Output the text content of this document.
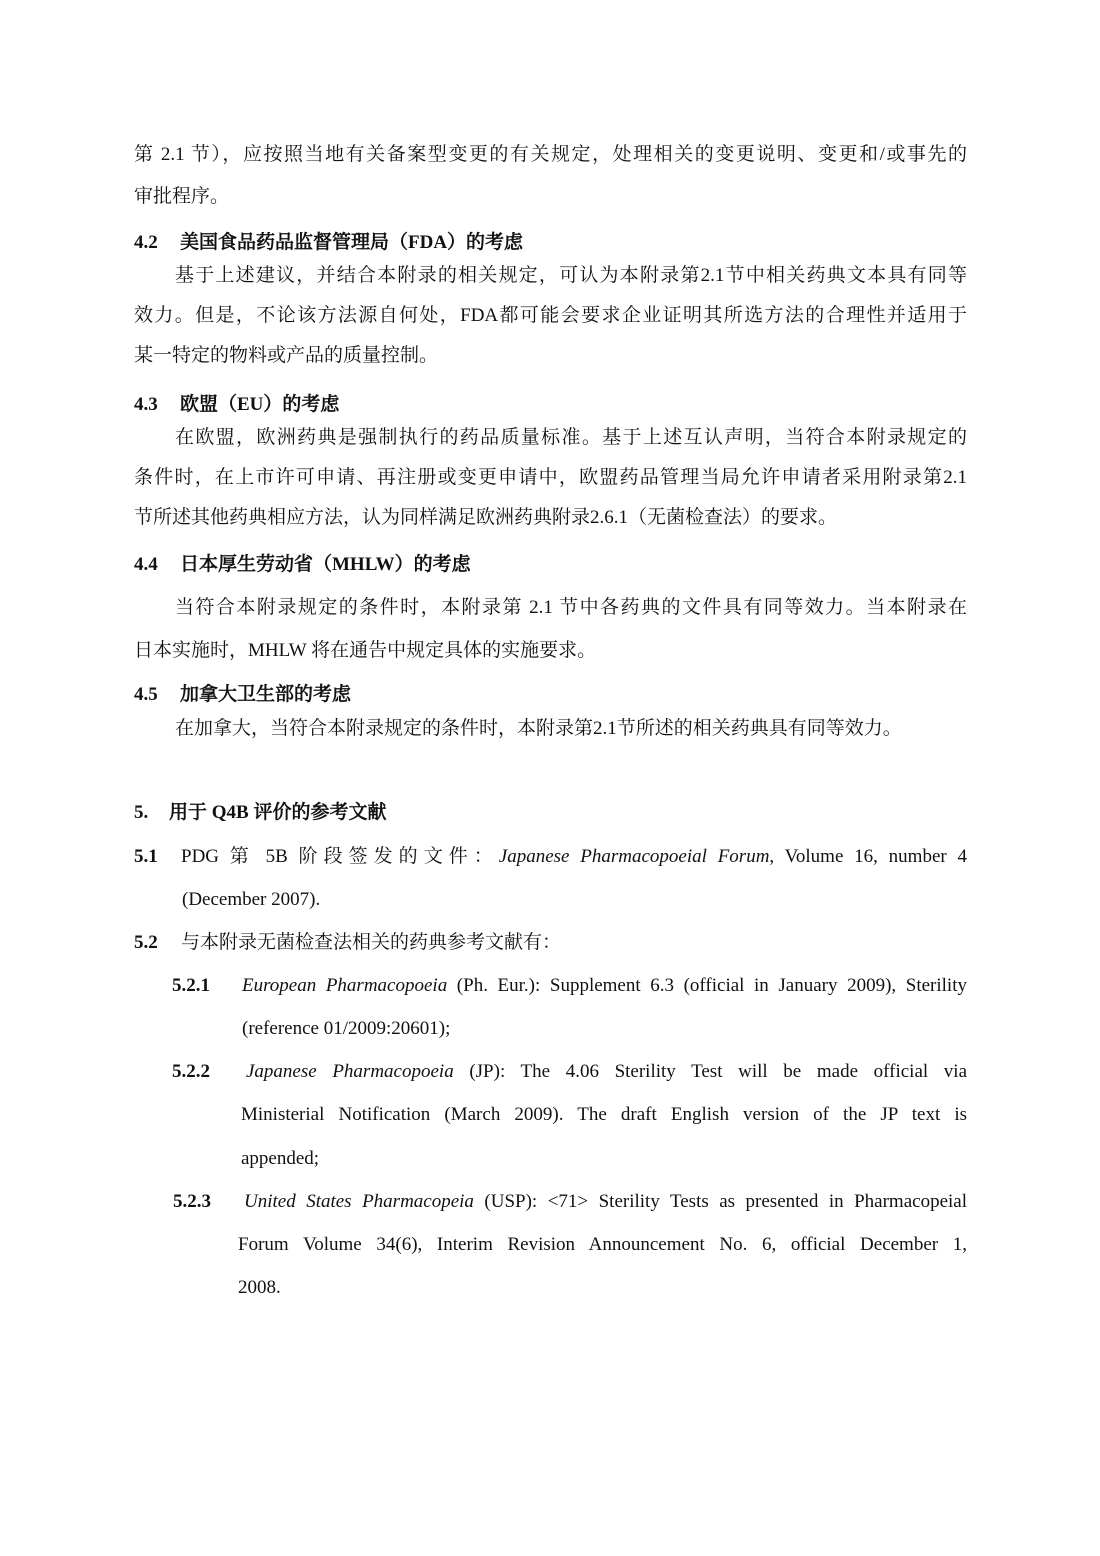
第 2.1 节），应按照当地有关备案型变更的有关规定，处理相关的变更说明、变更和/或事先的
审批程序。
4.2 美国食品药品监督管理局（FDA）的考虑
基于上述建议，并结合本附录的相关规定，可认为本附录第2.1节中相关药典文本具有同等
效力。但是，不论该方法源自何处，FDA都可能会要求企业证明其所选方法的合理性并适用于
某一特定的物料或产品的质量控制。
4.3 欧盟（EU）的考虑
在欧盟，欧洲药典是强制执行的药品质量标准。基于上述互认声明，当符合本附录规定的
条件时，在上市许可申请、再注册或变更申请中，欧盟药品管理当局允许申请者采用附录第2.1
节所述其他药典相应方法，认为同样满足欧洲药典附录2.6.1（无菌检查法）的要求。
4.4 日本厚生劳动省（MHLW）的考虑
当符合本附录规定的条件时，本附录第 2.1 节中各药典的文件具有同等效力。当本附录在
日本实施时，MHLW 将在通告中规定具体的实施要求。
4.5 加拿大卫生部的考虑
在加拿大，当符合本附录规定的条件时，本附录第2.1节所述的相关药典具有同等效力。
5. 用于 Q4B 评价的参考文献
5.1 PDG 第 5B 阶段签发的文件：Japanese Pharmacopoeial Forum, Volume 16, number 4
(December 2007).
5.2 与本附录无菌检查法相关的药典参考文献有：
5.2.1 European Pharmacopoeia (Ph. Eur.): Supplement 6.3 (official in January 2009), Sterility
(reference 01/2009:20601);
5.2.2 Japanese Pharmacopoeia (JP): The 4.06 Sterility Test will be made official via
Ministerial Notification (March 2009). The draft English version of the JP text is
appended;
5.2.3 United States Pharmacopeia (USP): <71> Sterility Tests as presented in Pharmacopeial
Forum Volume 34(6), Interim Revision Announcement No. 6, official December 1,
2008.
